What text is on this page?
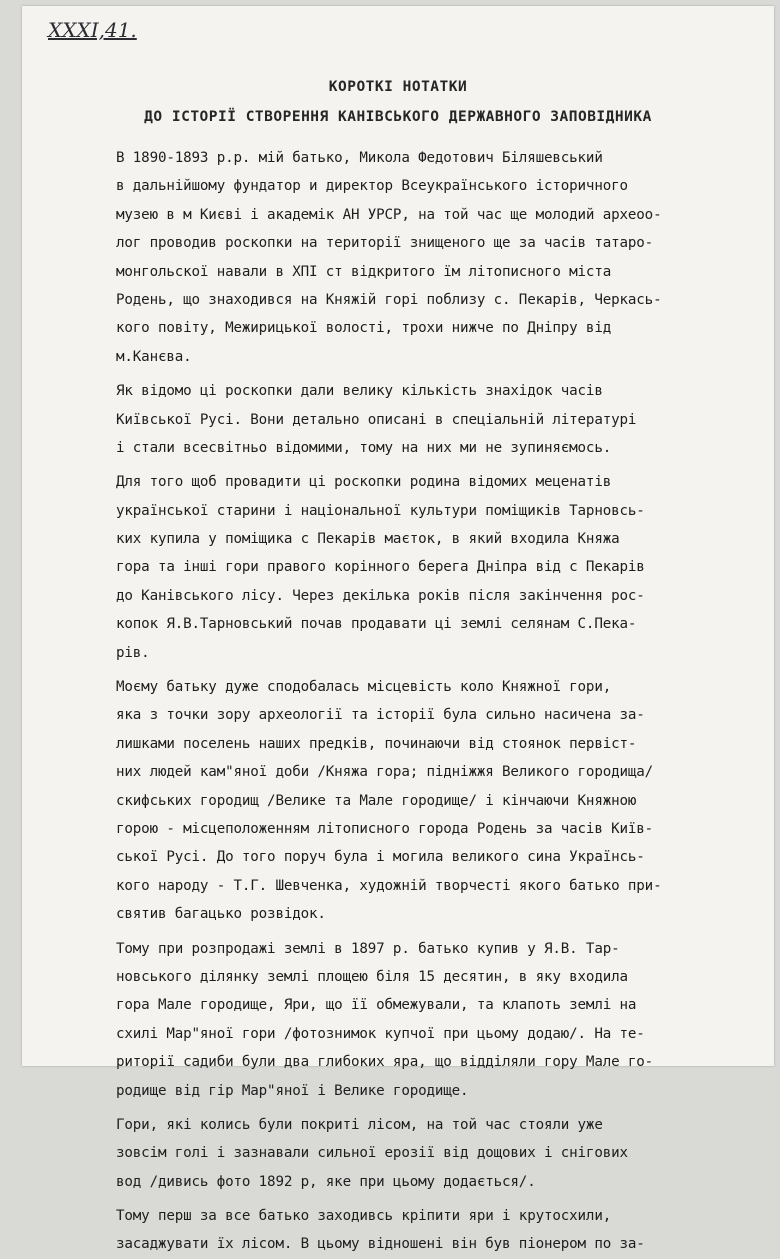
XXXI,41.
КОРОТКІ НОТАТКИ
ДО ІСТОРІЇ СТВОРЕННЯ КАНІВСЬКОГО ДЕРЖАВНОГО ЗАПОВІДНИКА
В 1890-1893 р.р. мій батько, Микола Федотович Біляшевський
в дальнійшому фундатор и директор Всеукраїнського історичного
музею в м Києві і академік АН УРСР, на той час ще молодий археоо-
лог проводив роскопки на території знищеного ще за часів татаро-
монгольскої навали в XПI ст відкритого їм літописного міста
Родень, що знаходився на Княжій горі поблизу с. Пекарів, Черкась-
кого повіту, Межирицької волості, трохи нижче по Дніпру від
м.Канєва.
Як відомо ці роскопки дали велику кількість знахідок часів
Київської Русі. Вони детально описані в спеціальній літературі
і стали всесвітньо відомими, тому на них ми не зупиняємось.
Для того щоб провадити ці роскопки родина відомих меценатів
української старини і національної культури поміщиків Тарновсь-
ких купила у поміщика с Пекарів маєток, в який входила Княжа
гора та інші гори правого корінного берега Дніпра від с Пекарів
до Канівського лісу. Через декілька років після закінчення рос-
копок Я.В.Тарновський почав продавати ці землі селянам С.Пека-
рів.
Моєму батьку дуже сподобалась місцевість коло Княжної гори,
яка з точки зору археології та історії була сильно насичена за-
лишками поселень наших предків, починаючи від стоянок первіст-
них людей кам"яної доби /Княжа гора; підніжжя Великого городища/
скифських городищ /Велике та Мале городище/ і кінчаючи Княжною
горою - місцеположенням літописного города Родень за часів Київ-
ської Русі. До того поруч була і могила великого сина Українсь-
кого народу - Т.Г. Шевченка, художній творчесті якого батько при-
святив багацько розвідок.
Тому при розпродажі землі в 1897 р. батько купив у Я.В. Тар-
новського ділянку землі площею біля 15 десятин, в яку входила
гора Мале городище, Яри, що її обмежували, та клапоть землі на
схилі Мар"яної гори /фотознимок купчої при цьому додаю/. На те-
риторії садиби були два глибоких яра, що відділяли гору Мале го-
родище від гір Мар"яної і Велике городище.
Гори, які колись були покриті лісом, на той час стояли уже
зовсім голі і зазнавали сильної ерозії від дощових і снігових
вод /дивись фото 1892 р, яке при цьому додається/.
Тому перш за все батько заходивсь кріпити яри і крутосхили,
засаджувати їх лісом. В цьому відношені він був піонером по за-
